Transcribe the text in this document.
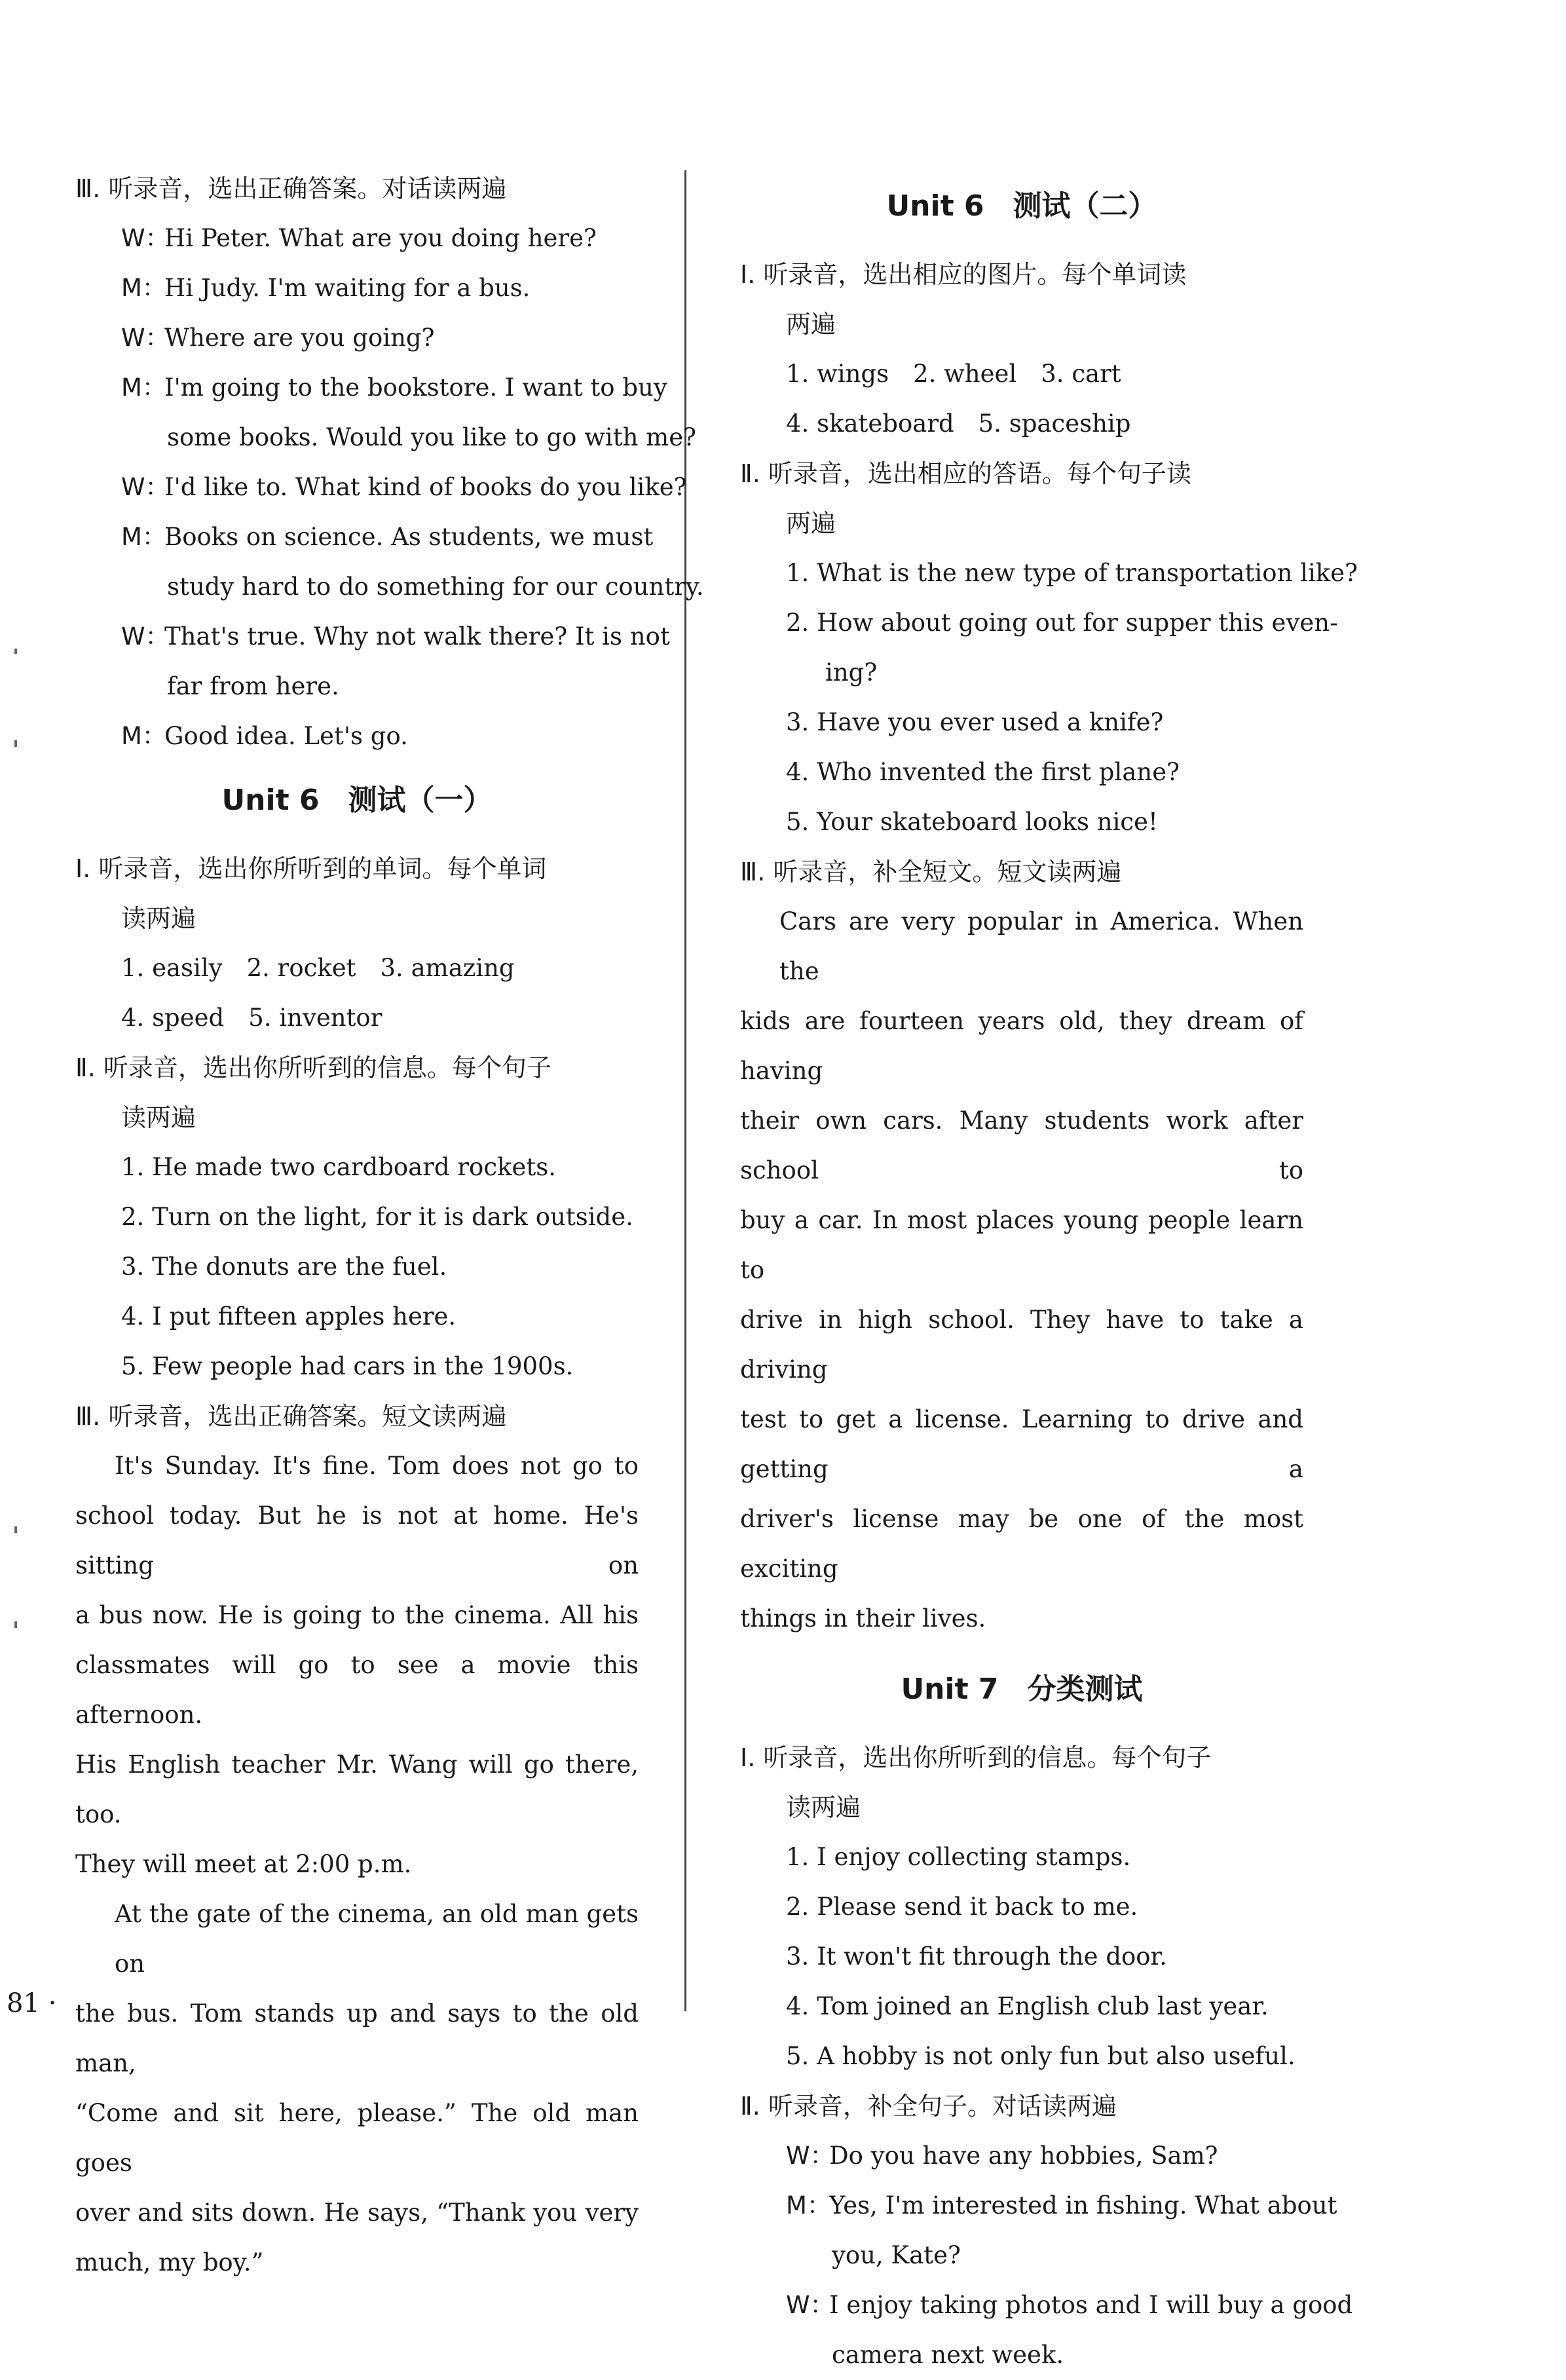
Ⅲ. 听录音，选出正确答案。对话读两遍
W：Hi Peter. What are you doing here?
M：Hi Judy. I'm waiting for a bus.
W：Where are you going?
M：I'm going to the bookstore. I want to buy
some books. Would you like to go with me?
W：I'd like to. What kind of books do you like?
M：Books on science. As students, we must
study hard to do something for our country.
W：That's true. Why not walk there? It is not
far from here.
M：Good idea. Let's go.
Unit 6　测试（一）
Ⅰ. 听录音，选出你所听到的单词。每个单词
读两遍
1. easily　2. rocket　3. amazing
4. speed　5. inventor
Ⅱ. 听录音，选出你所听到的信息。每个句子
读两遍
1. He made two cardboard rockets.
2. Turn on the light, for it is dark outside.
3. The donuts are the fuel.
4. I put fifteen apples here.
5. Few people had cars in the 1900s.
Ⅲ. 听录音，选出正确答案。短文读两遍
It's Sunday. It's fine. Tom does not go to
school today. But he is not at home. He's sitting on
a bus now. He is going to the cinema. All his
classmates will go to see a movie this afternoon.
His English teacher Mr. Wang will go there, too.
They will meet at 2:00 p.m.
At the gate of the cinema, an old man gets on
the bus. Tom stands up and says to the old man,
“Come and sit here, please.” The old man goes
over and sits down. He says, “Thank you very
much, my boy.”
Unit 6　测试（二）
Ⅰ. 听录音，选出相应的图片。每个单词读
两遍
1. wings　2. wheel　3. cart
4. skateboard　5. spaceship
Ⅱ. 听录音，选出相应的答语。每个句子读
两遍
1. What is the new type of transportation like?
2. How about going out for supper this even-
ing?
3. Have you ever used a knife?
4. Who invented the first plane?
5. Your skateboard looks nice!
Ⅲ. 听录音，补全短文。短文读两遍
Cars are very popular in America. When the
kids are fourteen years old, they dream of having
their own cars. Many students work after school to
buy a car. In most places young people learn to
drive in high school. They have to take a driving
test to get a license. Learning to drive and getting a
driver's license may be one of the most exciting
things in their lives.
Unit 7　分类测试
Ⅰ. 听录音，选出你所听到的信息。每个句子
读两遍
1. I enjoy collecting stamps.
2. Please send it back to me.
3. It won't fit through the door.
4. Tom joined an English club last year.
5. A hobby is not only fun but also useful.
Ⅱ. 听录音，补全句子。对话读两遍
W：Do you have any hobbies, Sam?
M：Yes, I'm interested in fishing. What about
you, Kate?
W：I enjoy taking photos and I will buy a good
camera next week.
81 ·
